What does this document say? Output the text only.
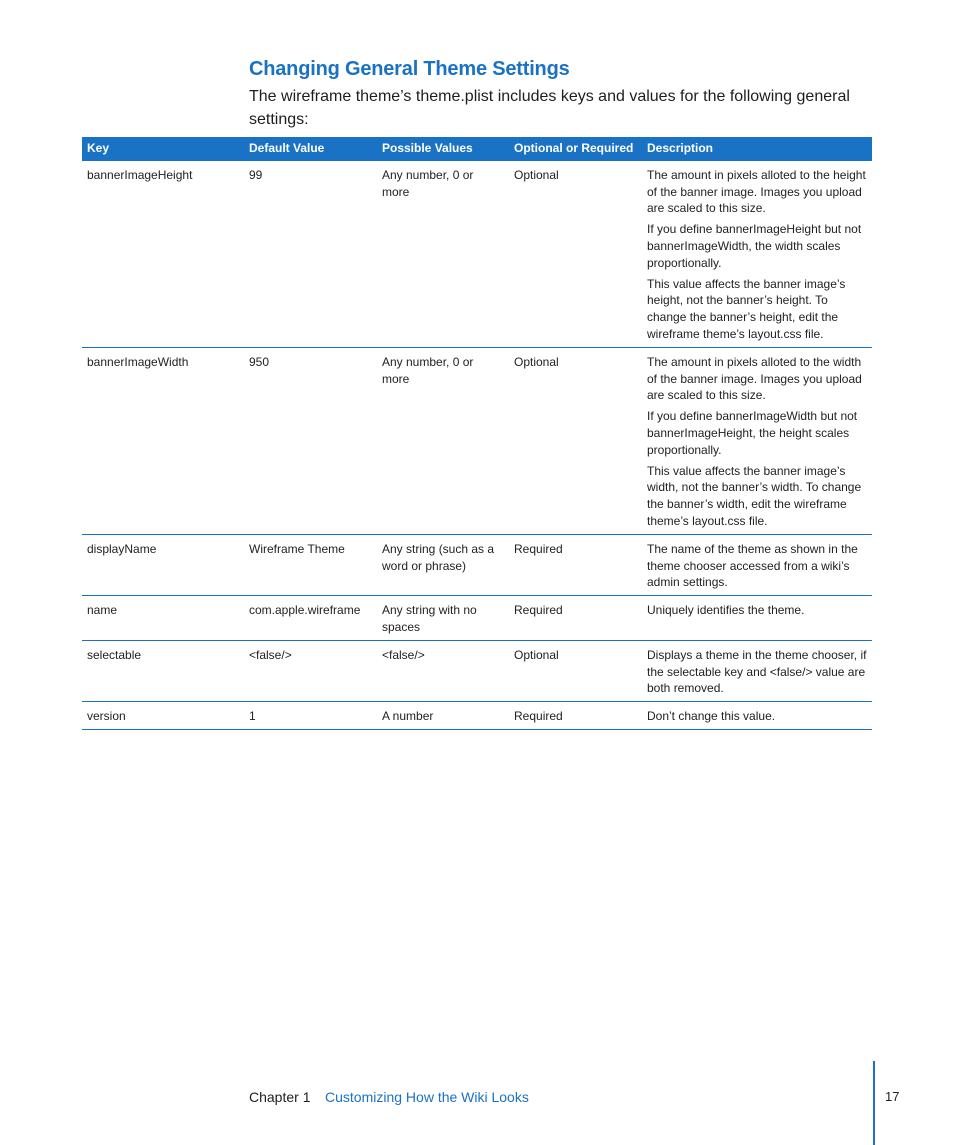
Changing General Theme Settings
The wireframe theme’s theme.plist includes keys and values for the following general settings:
Key	Default Value	Possible Values	Optional or Required	Description
bannerImageHeight	99	Any number, 0 or more	Optional	The amount in pixels alloted to the height of the banner image. Images you upload are scaled to this size.

If you define bannerImageHeight but not bannerImageWidth, the width scales proportionally.

This value affects the banner image’s height, not the banner’s height. To change the banner’s height, edit the wireframe theme’s layout.css file.

bannerImageWidth	950	Any number, 0 or more	Optional	The amount in pixels alloted to the width of the banner image. Images you upload are scaled to this size.

If you define bannerImageWidth but not bannerImageHeight, the height scales proportionally.

This value affects the banner image’s width, not the banner’s width. To change the banner’s width, edit the wireframe theme’s layout.css file.

displayName	Wireframe Theme	Any string (such as a word or phrase)	Required	The name of the theme as shown in the theme chooser accessed from a wiki’s admin settings.

name	com.apple.wireframe	Any string with no spaces	Required	Uniquely identifies the theme.

selectable	<false/>	<false/>	Optional	Displays a theme in the theme chooser, if the selectable key and <false/> value are both removed.

version	1	A number	Required	Don’t change this value.

Chapter 1 Customizing How the Wiki Looks	17
